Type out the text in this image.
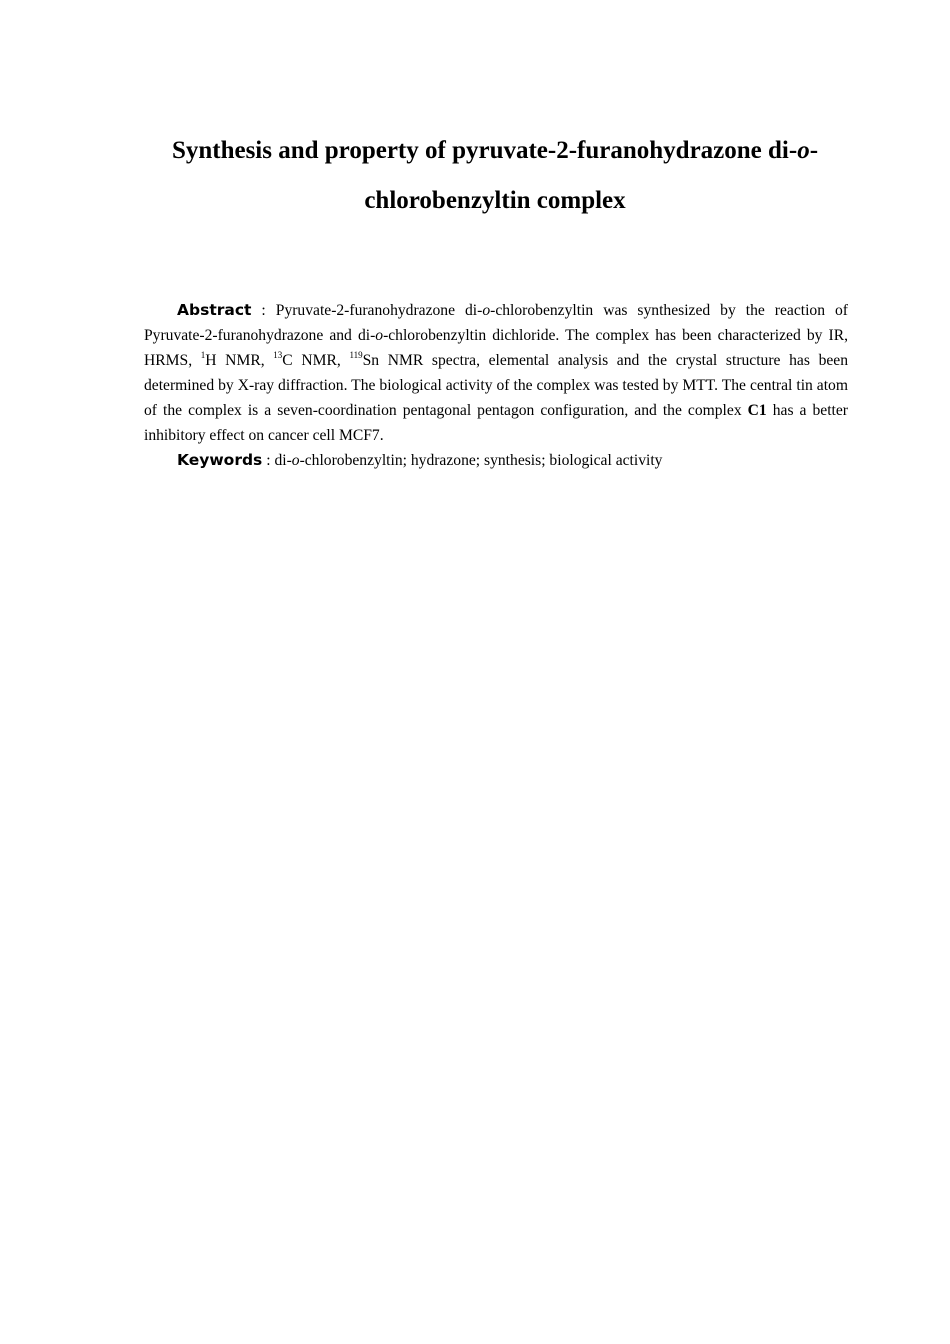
Synthesis and property of pyruvate-2-furanohydrazone di-o-chlorobenzyltin complex

Abstract : Pyruvate-2-furanohydrazone di-o-chlorobenzyltin was synthesized by the reaction of Pyruvate-2-furanohydrazone and di-o-chlorobenzyltin dichloride. The complex has been characterized by IR, HRMS, $^1$H NMR, $^{13}$C NMR, $^{119}$Sn NMR spectra, elemental analysis and the crystal structure has been determined by X-ray diffraction. The biological activity of the complex was tested by MTT. The central tin atom of the complex is a seven-coordination pentagonal pentagon configuration, and the complex C1 has a better inhibitory effect on cancer cell MCF7.

Keywords : di-o-chlorobenzyltin; hydrazone; synthesis; biological activity
